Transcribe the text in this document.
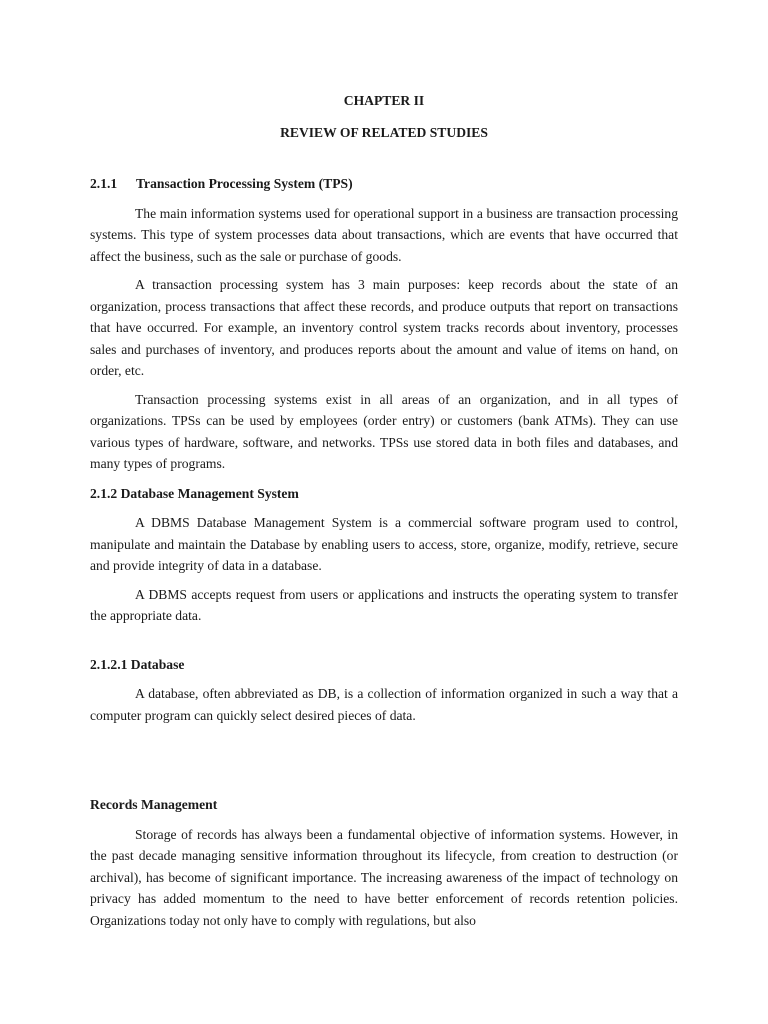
CHAPTER II
REVIEW OF RELATED STUDIES
2.1.1 Transaction Processing System (TPS)

The main information systems used for operational support in a business are transaction processing systems. This type of system processes data about transactions, which are events that have occurred that affect the business, such as the sale or purchase of goods.

A transaction processing system has 3 main purposes: keep records about the state of an organization, process transactions that affect these records, and produce outputs that report on transactions that have occurred. For example, an inventory control system tracks records about inventory, processes sales and purchases of inventory, and produces reports about the amount and value of items on hand, on order, etc.

Transaction processing systems exist in all areas of an organization, and in all types of organizations. TPSs can be used by employees (order entry) or customers (bank ATMs). They can use various types of hardware, software, and networks. TPSs use stored data in both files and databases, and many types of programs.

2.1.2 Database Management System

A DBMS Database Management System is a commercial software program used to control, manipulate and maintain the Database by enabling users to access, store, organize, modify, retrieve, secure and provide integrity of data in a database.

A DBMS accepts request from users or applications and instructs the operating system to transfer the appropriate data.

2.1.2.1 Database

A database, often abbreviated as DB, is a collection of information organized in such a way that a computer program can quickly select desired pieces of data.

Records Management

Storage of records has always been a fundamental objective of information systems. However, in the past decade managing sensitive information throughout its lifecycle, from creation to destruction (or archival), has become of significant importance. The increasing awareness of the impact of technology on privacy has added momentum to the need to have better enforcement of records retention policies. Organizations today not only have to comply with regulations, but also
